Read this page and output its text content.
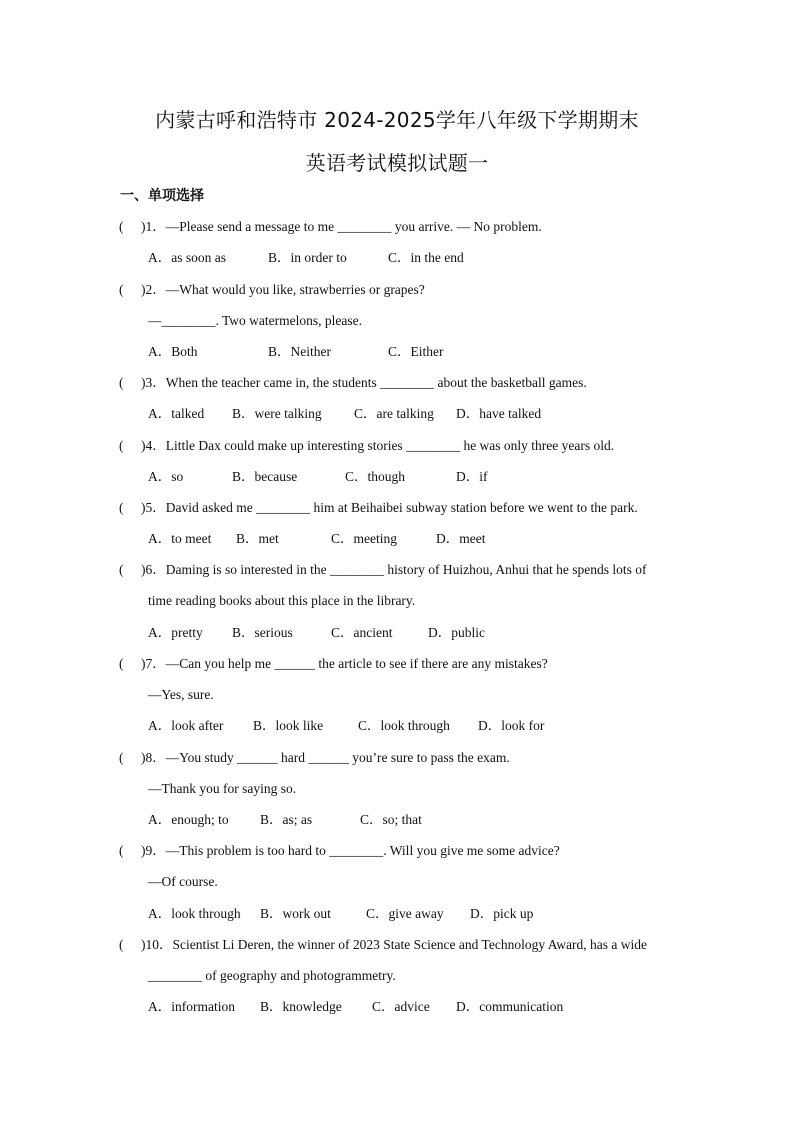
内蒙古呼和浩特市 2024-2025学年八年级下学期期末
英语考试模拟试题一
一、单项选择
( )1．—Please send a message to me ________ you arrive. — No problem.
A．as soon as	B．in order to	C．in the end
( )2．—What would you like, strawberries or grapes?
—________. Two watermelons, please.
A．Both	B．Neither	C．Either
( )3．When the teacher came in, the students ________ about the basketball games.
A．talked B．were talking C．are talking D．have talked
( )4．Little Dax could make up interesting stories ________ he was only three years old.
A．so	B．because	C．though	D．if
( )5．David asked me ________ him at Beihaibei subway station before we went to the park.
A．to meet B．met	C．meeting	D．meet
( )6．Daming is so interested in the ________ history of Huizhou, Anhui that he spends lots of
time reading books about this place in the library.
A．pretty B．serious	C．ancient	D．public
( )7．—Can you help me ______ the article to see if there are any mistakes?
—Yes, sure.
A．look after B．look like	C．look through D．look for
( )8．—You study ______ hard ______ you’re sure to pass the exam.
—Thank you for saying so.
A．enough; to B．as; as	C．so; that
( )9．—This problem is too hard to ________. Will you give me some advice?
—Of course.
A．look through B．work out	C．give away D．pick up
( )10．Scientist Li Deren, the winner of 2023 State Science and Technology Award, has a wide
________ of geography and photogrammetry.
A．information B．knowledge C．advice D．communication
